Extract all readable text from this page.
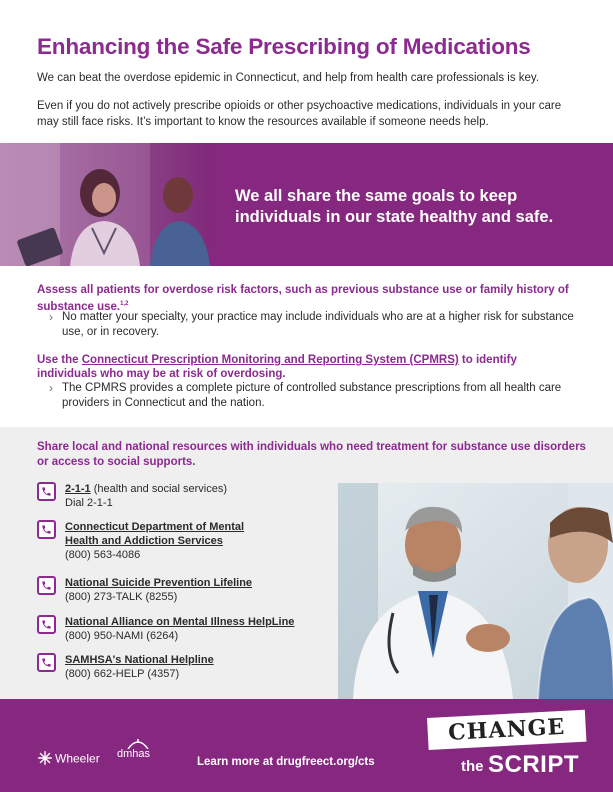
Enhancing the Safe Prescribing of Medications

We can beat the overdose epidemic in Connecticut, and help from health care professionals is key.

Even if you do not actively prescribe opioids or other psychoactive medications, individuals in your care may still face risks. It’s important to know the resources available if someone needs help.

We all share the same goals to keep individuals in our state healthy and safe.

Assess all patients for overdose risk factors, such as previous substance use or family history of substance use.$^{1,2}$

› No matter your specialty, your practice may include individuals who are at a higher risk for substance use, or in recovery.

Use the Connecticut Prescription Monitoring and Reporting System (CPMRS) to identify individuals who may be at risk of overdosing.

› The CPMRS provides a complete picture of controlled substance prescriptions from all health care providers in Connecticut and the nation.

Share local and national resources with individuals who need treatment for substance use disorders or access to social supports.

2-1-1 (health and social services)
Dial 2-1-1
Connecticut Department of Mental Health and Addiction Services
(800) 563-4086
National Suicide Prevention Lifeline
(800) 273-TALK (8255)
National Alliance on Mental Illness HelpLine
(800) 950-NAMI (6264)
SAMHSA's National Helpline
(800) 662-HELP (4357)
Wheeler dmhas
Learn more at drugfreect.org/cts
CHANGE
the SCRIPT
